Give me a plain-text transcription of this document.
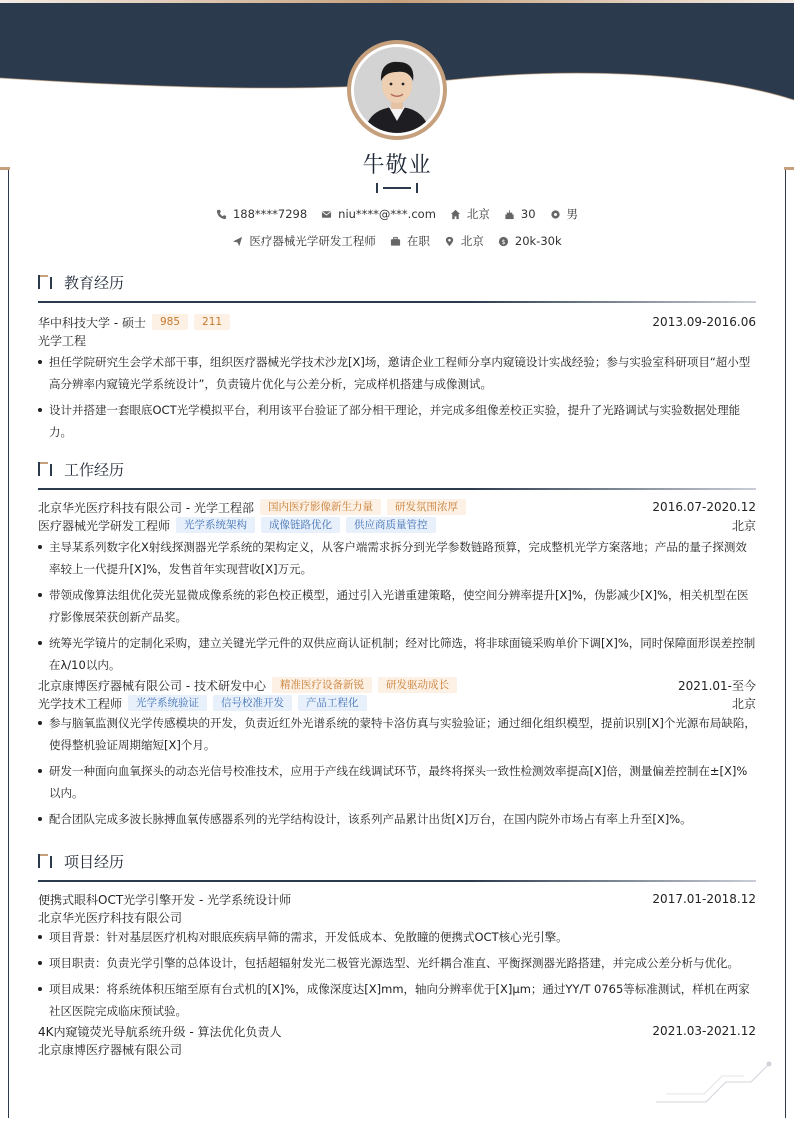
牛敬业
188****7298	niu****@***.com	北京	30	男
医疗器械光学研发工程师	在职	北京 $ 20k-30k
教育经历
华中科技大学 - 硕士	985	211	2013.09-2016.06
光学工程
担任学院研究生会学术部干事，组织医疗器械光学技术沙龙[X]场，邀请企业工程师分享内窥镜设计实战经验；参与实验室科研项目“超小型高分辨率内窥镜光学系统设计”，负责镜片优化与公差分析，完成样机搭建与成像测试。
设计并搭建一套眼底OCT光学模拟平台，利用该平台验证了部分相干理论，并完成多组像差校正实验，提升了光路调试与实验数据处理能力。
工作经历
北京华光医疗科技有限公司 - 光学工程部	国内医疗影像新生力量	研发氛围浓厚	2016.07-2020.12
医疗器械光学研发工程师	光学系统架构	成像链路优化	供应商质量管控	北京
主导某系列数字化X射线探测器光学系统的架构定义，从客户端需求拆分到光学参数链路预算，完成整机光学方案落地；产品的量子探测效率较上一代提升[X]%，发售首年实现营收[X]万元。
带领成像算法组优化荧光显微成像系统的彩色校正模型，通过引入光谱重建策略，使空间分辨率提升[X]%，伪影减少[X]%，相关机型在医疗影像展荣获创新产品奖。
统筹光学镜片的定制化采购，建立关键光学元件的双供应商认证机制；经对比筛选，将非球面镜采购单价下调[X]%，同时保障面形误差控制在λ/10以内。
北京康博医疗器械有限公司 - 技术研发中心	精准医疗设备新锐	研发驱动成长	2021.01-至今
光学技术工程师	光学系统验证	信号校准开发	产品工程化	北京
参与脑氧监测仪光学传感模块的开发，负责近红外光谱系统的蒙特卡洛仿真与实验验证；通过细化组织模型，提前识别[X]个光源布局缺陷，使得整机验证周期缩短[X]个月。
研发一种面向血氧探头的动态光信号校准技术，应用于产线在线调试环节，最终将探头一致性检测效率提高[X]倍，测量偏差控制在±[X]%以内。
配合团队完成多波长脉搏血氧传感器系列的光学结构设计，该系列产品累计出货[X]万台，在国内院外市场占有率上升至[X]%。
项目经历
便携式眼科OCT光学引擎开发 - 光学系统设计师	2017.01-2018.12
北京华光医疗科技有限公司
项目背景：针对基层医疗机构对眼底疾病早筛的需求，开发低成本、免散瞳的便携式OCT核心光引擎。
项目职责：负责光学引擎的总体设计，包括超辐射发光二极管光源选型、光纤耦合准直、平衡探测器光路搭建，并完成公差分析与优化。
项目成果：将系统体积压缩至原有台式机的[X]%，成像深度达[X]mm，轴向分辨率优于[X]μm；通过YY/T 0765等标准测试，样机在两家社区医院完成临床预试验。
4K内窥镜荧光导航系统升级 - 算法优化负责人	2021.03-2021.12
北京康博医疗器械有限公司
